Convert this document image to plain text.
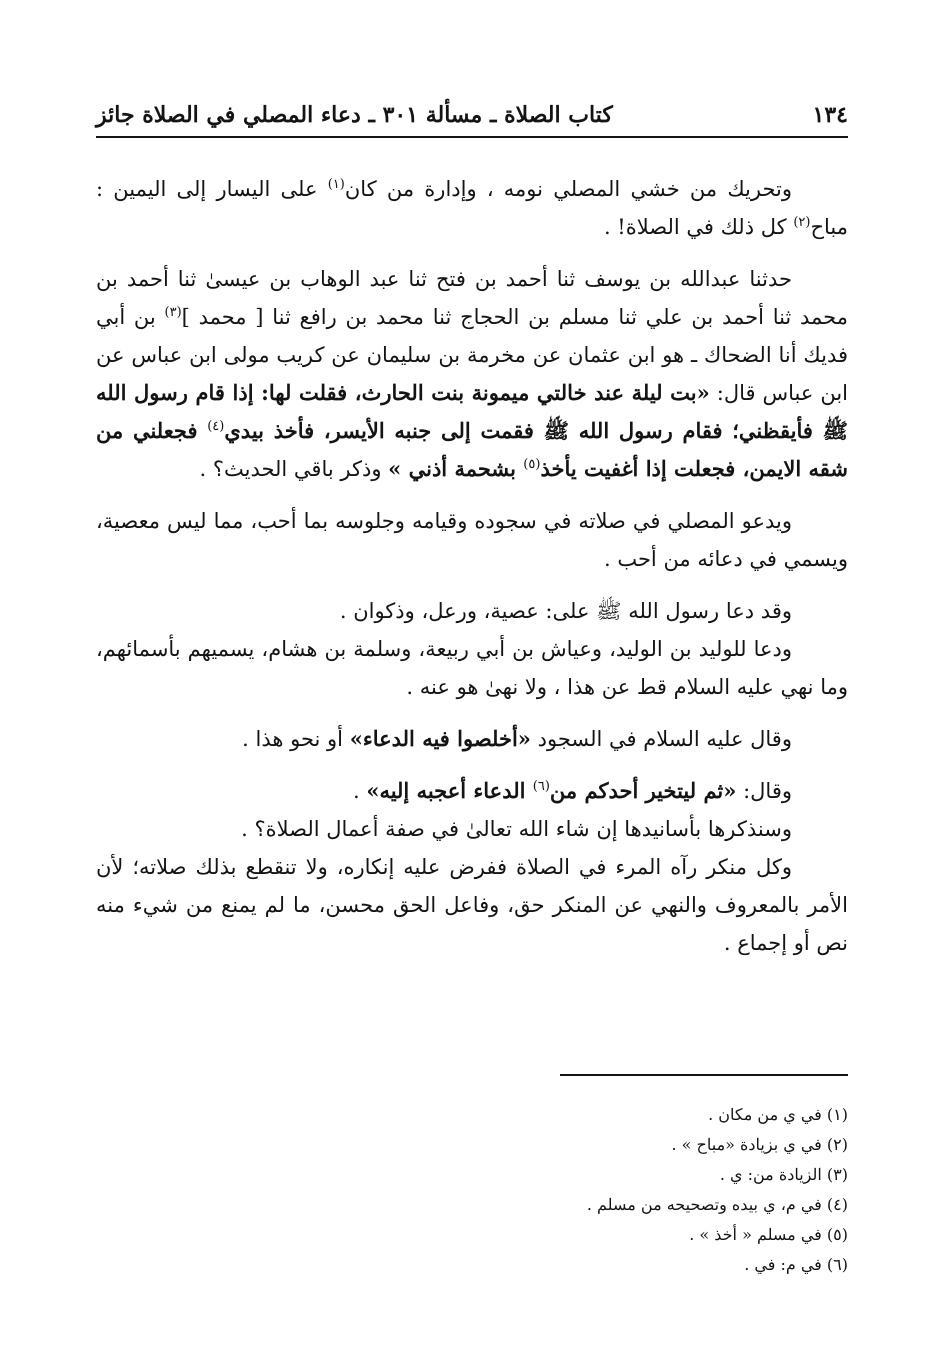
١٣٤
كتاب الصلاة ـ مسألة ٣٠١ ـ دعاء المصلي في الصلاة جائز

وتحريك من خشي المصلي نومه ، وإدارة من كان$^{(١)}$ على اليسار إلى اليمين : مباح$^{(٢)}$ كل ذلك في الصلاة! .

حدثنا عبدالله بن يوسف ثنا أحمد بن فتح ثنا عبد الوهاب بن عيسىٰ ثنا أحمد بن محمد ثنا أحمد بن علي ثنا مسلم بن الحجاج ثنا محمد بن رافع ثنا [ محمد ]$^{(٣)}$ بن أبي فديك أنا الضحاك ـ هو ابن عثمان عن مخرمة بن سليمان عن كريب مولى ابن عباس عن ابن عباس قال: «بت ليلة عند خالتي ميمونة بنت الحارث، فقلت لها: إذا قام رسول الله ﷺ فأيقظني؛ فقام رسول الله ﷺ فقمت إلى جنبه الأيسر، فأخذ بيدي$^{(٤)}$ فجعلني من شقه الايمن، فجعلت إذا أغفيت يأخذ$^{(٥)}$ بشحمة أذني » وذكر باقي الحديث؟ .

ويدعو المصلي في صلاته في سجوده وقيامه وجلوسه بما أحب، مما ليس معصية، ويسمي في دعائه من أحب .

وقد دعا رسول الله ﷺ على: عصية، ورعل، وذكوان .

ودعا للوليد بن الوليد، وعياش بن أبي ربيعة، وسلمة بن هشام، يسميهم بأسمائهم، وما نهي عليه السلام قط عن هذا ، ولا نهىٰ هو عنه .

وقال عليه السلام في السجود «أخلصوا فيه الدعاء» أو نحو هذا .

وقال: «ثم ليتخير أحدكم من$^{(٦)}$ الدعاء أعجبه إليه» .

وسنذكرها بأسانيدها إن شاء الله تعالىٰ في صفة أعمال الصلاة؟ .

وكل منكر رآه المرء في الصلاة ففرض عليه إنكاره، ولا تنقطع بذلك صلاته؛ لأن الأمر بالمعروف والنهي عن المنكر حق، وفاعل الحق محسن، ما لم يمنع من شيء منه نص أو إجماع .

(١) في ي من مكان .
(٢) في ي بزيادة «مباح » .
(٣) الزيادة من: ي .
(٤) في م، ي بيده وتصحيحه من مسلم .
(٥) في مسلم « أخذ » .
(٦) في م: في .
